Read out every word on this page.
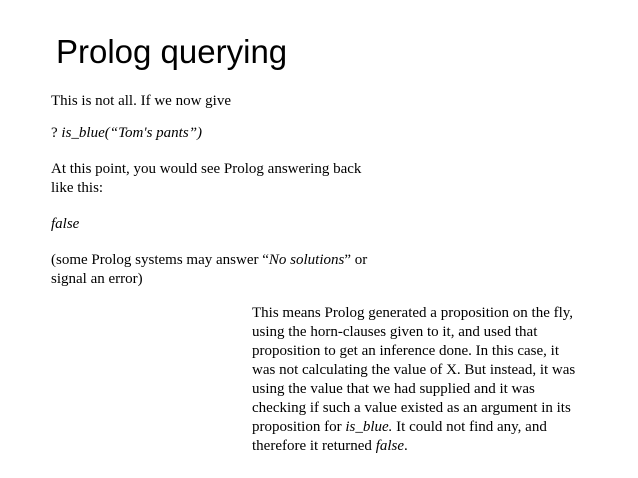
Prolog querying
This is not all. If we now give
? is_blue(“Tom's pants”)
At this point, you would see Prolog answering back
like this:
false
(some Prolog systems may answer “No solutions” or
signal an error)
This means Prolog generated a proposition on the fly,
using the horn-clauses given to it, and used that
proposition to get an inference done. In this case, it
was not calculating the value of X. But instead, it was
using the value that we had supplied and it was
checking if such a value existed as an argument in its
proposition for is_blue. It could not find any, and
therefore it returned false.
